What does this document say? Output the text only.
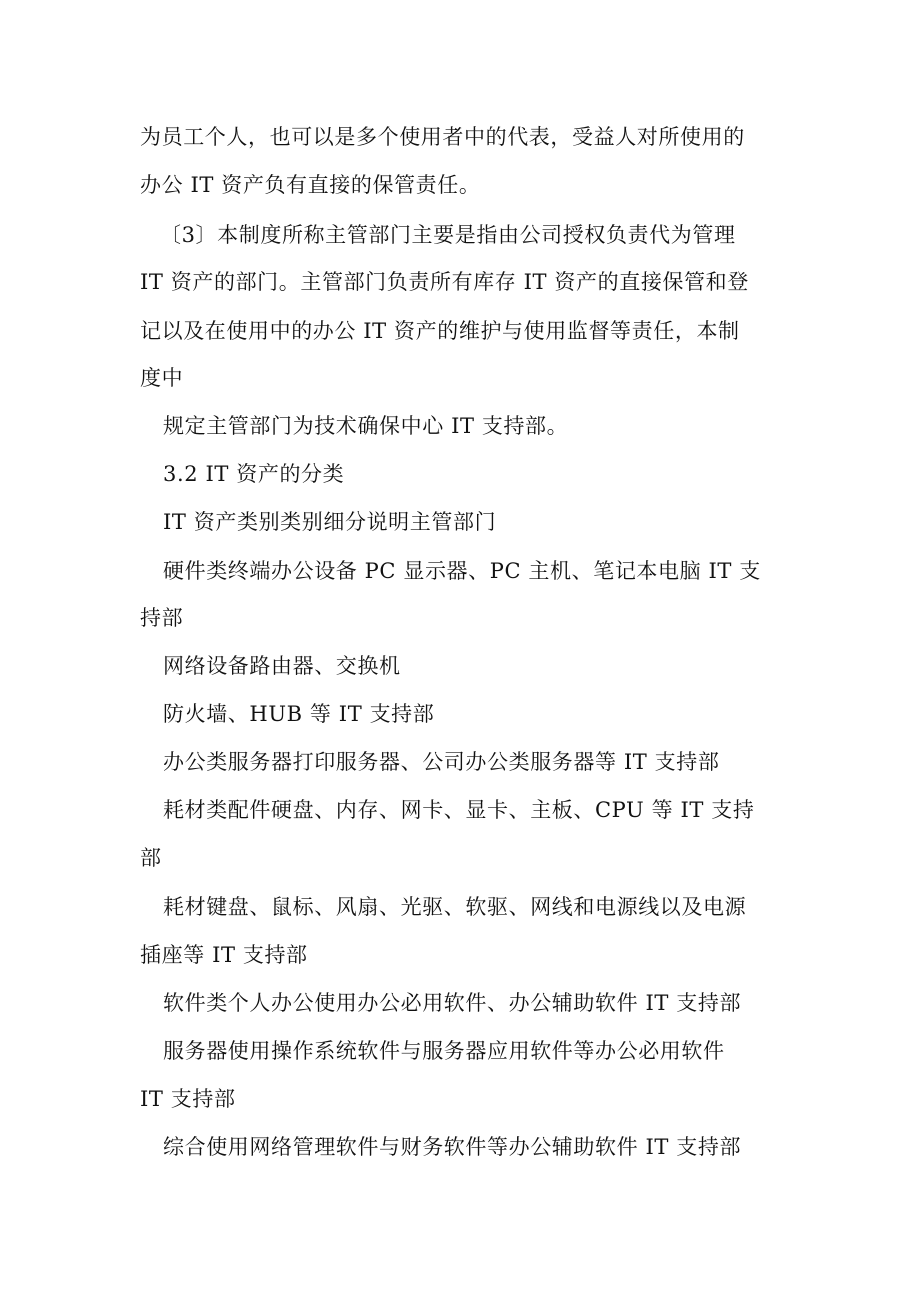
为员工个人，也可以是多个使用者中的代表，受益人对所使用的
办公 IT 资产负有直接的保管责任。
〔3〕本制度所称主管部门主要是指由公司授权负责代为管理
IT 资产的部门。主管部门负责所有库存 IT 资产的直接保管和登
记以及在使用中的办公 IT 资产的维护与使用监督等责任，本制
度中
规定主管部门为技术确保中心 IT 支持部。
3.2 IT 资产的分类
IT 资产类别类别细分说明主管部门
硬件类终端办公设备 PC 显示器、PC 主机、笔记本电脑 IT 支
持部
网络设备路由器、交换机
防火墙、HUB 等 IT 支持部
办公类服务器打印服务器、公司办公类服务器等 IT 支持部
耗材类配件硬盘、内存、网卡、显卡、主板、CPU 等 IT 支持
部
耗材键盘、鼠标、风扇、光驱、软驱、网线和电源线以及电源
插座等 IT 支持部
软件类个人办公使用办公必用软件、办公辅助软件 IT 支持部
服务器使用操作系统软件与服务器应用软件等办公必用软件
IT 支持部
综合使用网络管理软件与财务软件等办公辅助软件 IT 支持部
